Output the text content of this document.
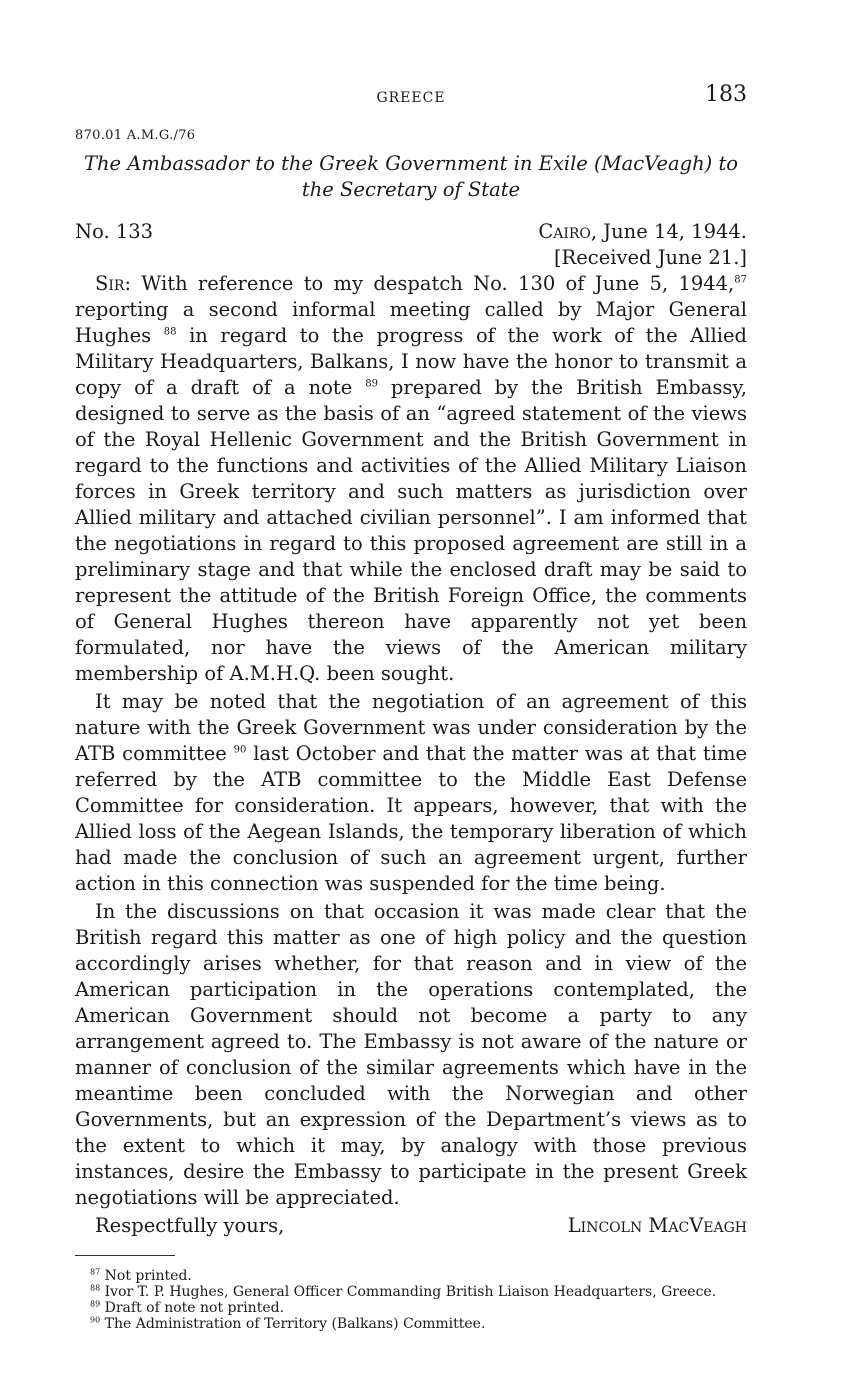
GREECE	183
870.01 A.M.G./76
The Ambassador to the Greek Government in Exile (MacVeagh) to
the Secretary of State
No. 133	Cairo, June 14, 1944.
[Received June 21.]

Sir: With reference to my despatch No. 130 of June 5, 1944,87 reporting a second informal meeting called by Major General Hughes $^{88}$ in regard to the progress of the work of the Allied Military Headquarters, Balkans, I now have the honor to transmit a copy of a draft of a note $^{89}$ prepared by the British Embassy, designed to serve as the basis of an “agreed statement of the views of the Royal Hellenic Government and the British Government in regard to the functions and activities of the Allied Military Liaison forces in Greek territory and such matters as jurisdiction over Allied military and attached civilian personnel”. I am informed that the negotiations in regard to this proposed agreement are still in a preliminary stage and that while the enclosed draft may be said to represent the attitude of the British Foreign Office, the comments of General Hughes thereon have apparently not yet been formulated, nor have the views of the American military membership of A.M.H.Q. been sought.

It may be noted that the negotiation of an agreement of this nature with the Greek Government was under consideration by the ATB committee $^{90}$ last October and that the matter was at that time referred by the ATB committee to the Middle East Defense Committee for consideration. It appears, however, that with the Allied loss of the Aegean Islands, the temporary liberation of which had made the conclusion of such an agreement urgent, further action in this connection was suspended for the time being.

In the discussions on that occasion it was made clear that the British regard this matter as one of high policy and the question accordingly arises whether, for that reason and in view of the American participation in the operations contemplated, the American Government should not become a party to any arrangement agreed to. The Embassy is not aware of the nature or manner of conclusion of the similar agreements which have in the meantime been concluded with the Norwegian and other Governments, but an expression of the Department’s views as to the extent to which it may, by analogy with those previous instances, desire the Embassy to participate in the present Greek negotiations will be appreciated.

Respectfully yours,	Lincoln MacVeagh
$^{87}$ Not printed.
$^{88}$ Ivor T. P. Hughes, General Officer Commanding British Liaison Headquarters, Greece.
$^{89}$ Draft of note not printed.
$^{90}$ The Administration of Territory (Balkans) Committee.
